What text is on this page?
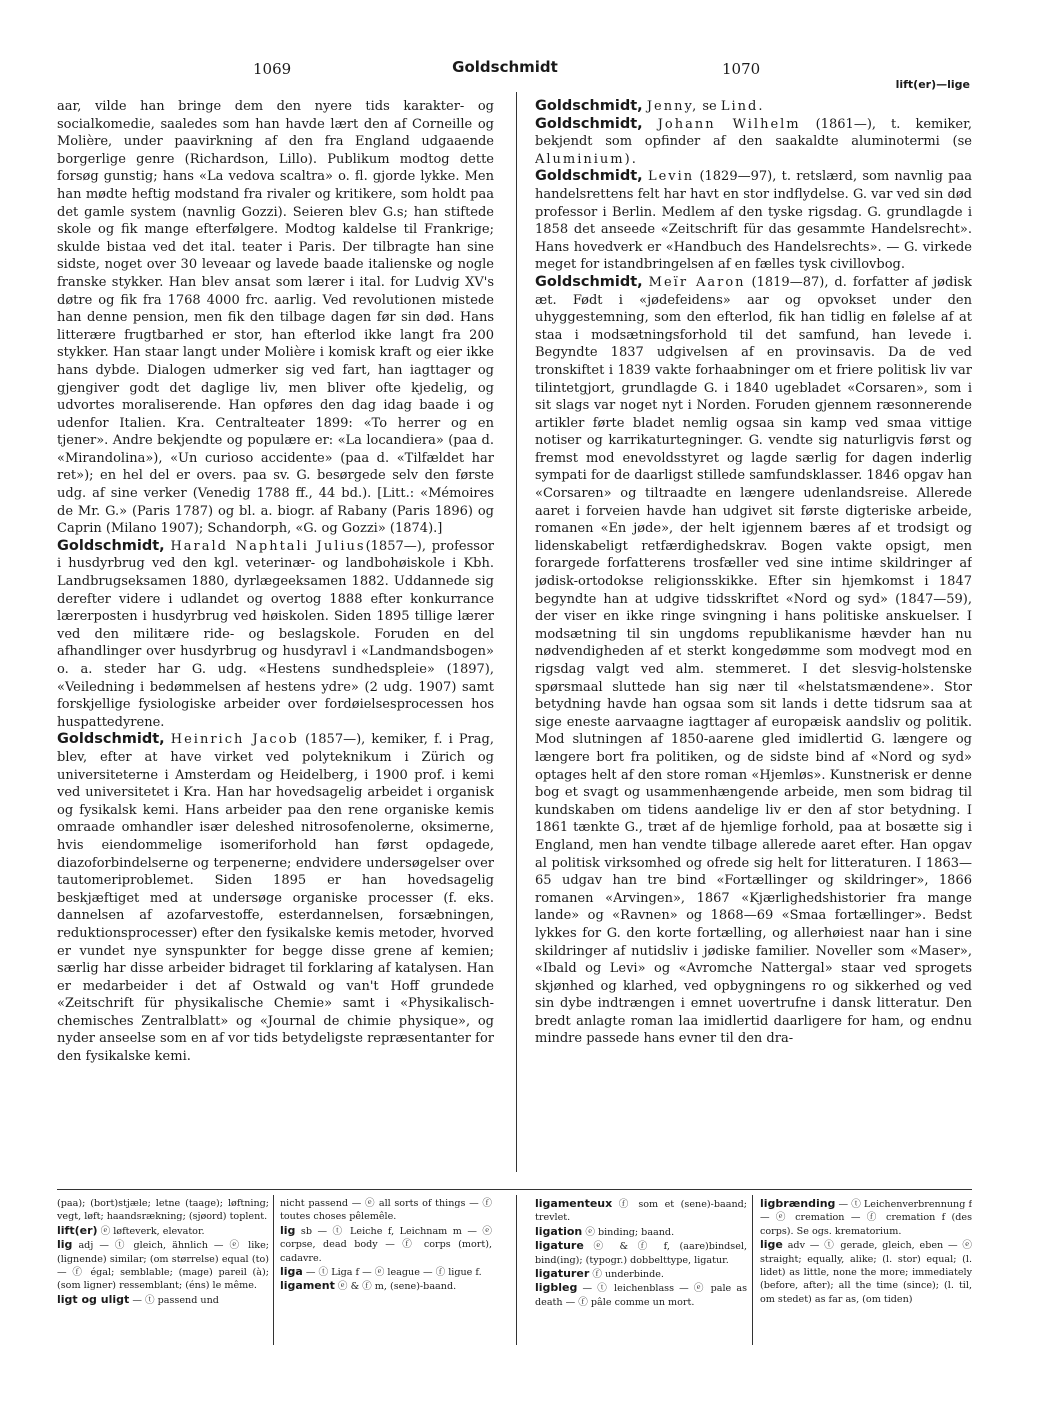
1069	Goldschmidt	1070
lift(er)—lige

aar, vilde han bringe dem den nyere tids karakter- og socialkomedie, saaledes som han havde lært den af Corneille og Molière, under paavirkning af den fra England udgaaende borgerlige genre (Richardson, Lillo). Publikum modtog dette forsøg gunstig; hans «La vedova scaltra» o. fl. gjorde lykke. Men han mødte heftig modstand fra rivaler og kritikere, som holdt paa det gamle system (navnlig Gozzi). Seieren blev G.s; han stiftede skole og fik mange efterfølgere. Modtog kaldelse til Frankrige; skulde bistaa ved det ital. teater i Paris. Der tilbragte han sine sidste, noget over 30 leveaar og lavede baade italienske og nogle franske stykker. Han blev ansat som lærer i ital. for Ludvig XV's døtre og fik fra 1768 4000 frc. aarlig. Ved revolutionen mistede han denne pension, men fik den tilbage dagen før sin død. Hans litterære frugtbarhed er stor, han efterlod ikke langt fra 200 stykker. Han staar langt under Molière i komisk kraft og eier ikke hans dybde. Dialogen udmerker sig ved fart, han iagttager og gjengiver godt det daglige liv, men bliver ofte kjedelig, og udvortes moraliserende. Han opføres den dag idag baade i og udenfor Italien. Kra. Centralteater 1899: «To herrer og en tjener». Andre bekjendte og populære er: «La locandiera» (paa d. «Mirandolina»), «Un curioso accidente» (paa d. «Tilfældet har ret»); en hel del er overs. paa sv. G. besørgede selv den første udg. af sine verker (Venedig 1788 ff., 44 bd.). [Litt.: «Mémoires de Mr. G.» (Paris 1787) og bl. a. biogr. af Rabany (Paris 1896) og Caprin (Milano 1907); Schandorph, «G. og Gozzi» (1874).]

Goldschmidt, Harald Naphtali Julius(1857—), professor i husdyrbrug ved den kgl. veterinær- og landbohøiskole i Kbh. Landbrugseksamen 1880, dyrlægeeksamen 1882. Uddannede sig derefter videre i udlandet og overtog 1888 efter konkurrance lærerposten i husdyrbrug ved høiskolen. Siden 1895 tillige lærer ved den militære ride- og beslagskole. Foruden en del afhandlinger over husdyrbrug og husdyravl i «Landmandsbogen» o. a. steder har G. udg. «Hestens sundhedspleie» (1897), «Veiledning i bedømmelsen af hestens ydre» (2 udg. 1907) samt forskjellige fysiologiske arbeider over fordøielsesprocessen hos huspattedyrene.

Goldschmidt, Heinrich Jacob (1857—), kemiker, f. i Prag, blev, efter at have virket ved polyteknikum i Zürich og universiteterne i Amsterdam og Heidelberg, i 1900 prof. i kemi ved universitetet i Kra. Han har hovedsagelig arbeidet i organisk og fysikalsk kemi. Hans arbeider paa den rene organiske kemis omraade omhandler især deleshed nitrosofenolerne, oksimerne, hvis eiendommelige isomeriforhold han først opdagede, diazoforbindelserne og terpenerne; endvidere undersøgelser over tautomeriproblemet. Siden 1895 er han hovedsagelig beskjæftiget med at undersøge organiske processer (f. eks. dannelsen af azofarvestoffe, esterdannelsen, forsæbningen, reduktionsprocesser) efter den fysikalske kemis metoder, hvorved er vundet nye synspunkter for begge disse grene af kemien; særlig har disse arbeider bidraget til forklaring af katalysen. Han er medarbeider i det af Ostwald og van't Hoff grundede «Zeitschrift für physikalische Chemie» samt i «Physikalisch- chemisches Zentralblatt» og «Journal de chimie physique», og nyder anseelse som en af vor tids betydeligste repræsentanter for den fysikalske kemi.

Goldschmidt, Jenny, se Lind.

Goldschmidt, Johann Wilhelm (1861—), t. kemiker, bekjendt som opfinder af den saakaldte aluminotermi (se Aluminium).

Goldschmidt, Levin (1829—97), t. retslærd, som navnlig paa handelsrettens felt har havt en stor indflydelse. G. var ved sin død professor i Berlin. Medlem af den tyske rigsdag. G. grundlagde i 1858 det anseede «Zeitschrift für das gesammte Handelsrecht». Hans hovedverk er «Handbuch des Handelsrechts». — G. virkede meget for istandbringelsen af en fælles tysk civillovbog.

Goldschmidt, Meïr Aaron (1819—87), d. forfatter af jødisk æt. Født i «jødefeidens» aar og opvokset under den uhyggestemning, som den efterlod, fik han tidlig en følelse af at staa i modsætningsforhold til det samfund, han levede i. Begyndte 1837 udgivelsen af en provinsavis. Da de ved tronskiftet i 1839 vakte forhaabninger om et friere politisk liv var tilintetgjort, grundlagde G. i 1840 ugebladet «Corsaren», som i sit slags var noget nyt i Norden. Foruden gjennem ræsonnerende artikler førte bladet nemlig ogsaa sin kamp ved smaa vittige notiser og karrikaturtegninger. G. vendte sig naturligvis først og fremst mod enevoldsstyret og lagde særlig for dagen inderlig sympati for de daarligst stillede samfundsklasser. 1846 opgav han «Corsaren» og tiltraadte en længere udenlandsreise. Allerede aaret i forveien havde han udgivet sit første digteriske arbeide, romanen «En jøde», der helt igjennem bæres af et trodsigt og lidenskabeligt retfærdighedskrav. Bogen vakte opsigt, men forargede forfatterens trosfæller ved sine intime skildringer af jødisk-ortodokse religionsskikke. Efter sin hjemkomst i 1847 begyndte han at udgive tidsskriftet «Nord og syd» (1847—59), der viser en ikke ringe svingning i hans politiske anskuelser. I modsætning til sin ungdoms republikanisme hævder han nu nødvendigheden af et sterkt kongedømme som modvegt mod en rigsdag valgt ved alm. stemmeret. I det slesvig-holstenske spørsmaal sluttede han sig nær til «helstatsmændene». Stor betydning havde han ogsaa som sit lands i dette tidsrum saa at sige eneste aarvaagne iagttager af europæisk aandsliv og politik. Mod slutningen af 1850-aarene gled imidlertid G. længere og længere bort fra politiken, og de sidste bind af «Nord og syd» optages helt af den store roman «Hjemløs». Kunstnerisk er denne bog et svagt og usammenhængende arbeide, men som bidrag til kundskaben om tidens aandelige liv er den af stor betydning. I 1861 tænkte G., træt af de hjemlige forhold, paa at bosætte sig i England, men han vendte tilbage allerede aaret efter. Han opgav al politisk virksomhed og ofrede sig helt for litteraturen. I 1863—65 udgav han tre bind «Fortællinger og skildringer», 1866 romanen «Arvingen», 1867 «Kjærlighedshistorier fra mange lande» og «Ravnen» og 1868—69 «Smaa fortællinger». Bedst lykkes for G. den korte fortælling, og allerhøiest naar han i sine skildringer af nutidsliv i jødiske familier. Noveller som «Maser», «Ibald og Levi» og «Avromche Nattergal» staar ved sprogets skjønhed og klarhed, ved opbygningens ro og sikkerhed og ved sin dybe indtrængen i emnet uovertrufne i dansk litteratur. Den bredt anlagte roman laa imidlertid daarligere for ham, og endnu mindre passede hans evner til den dra-

(paa); (bort)stjæle; letne (taage); løftning; vegt, løft; haandsrækning; (sjøord) toplent.

lift(er) ⓔ løfteverk, elevator.

lig adj — ⓣ gleich, ähnlich — ⓔ like; (lignende) similar; (om størrelse) equal (to) — ⓕ égal; semblable; (mage) pareil (à); (som ligner) ressemblant; (éns) le même.

ligt og uligt — ⓣ passend und

nicht passend — ⓔ all sorts of things — ⓕ toutes choses pêlemêle.

lig sb — ⓣ Leiche f, Leichnam m — ⓔ corpse, dead body — ⓕ corps (mort), cadavre.

liga — ⓣ Liga f — ⓔ league — ⓕ ligue f.

ligament ⓔ & ⓕ m, (sene)-baand.

ligamenteux ⓕ som et (sene)-baand; trevlet.

ligation ⓔ binding; baand.

ligature ⓔ & ⓕ f, (aare)bindsel, bind(ing); (typogr.) dobbelttype, ligatur.

ligaturer ⓕ underbinde.

ligbleg — ⓣ leichenblass — ⓔ pale as death — ⓕ pâle comme un mort.

ligbrænding — ⓣ Leichenverbrennung f — ⓔ cremation — ⓕ cremation f (des corps). Se ogs. krematorium.

lige adv — ⓣ gerade, gleich, eben — ⓔ straight; equally, alike; (l. stor) equal; (l. lidet) as little, none the more; immediately (before, after); all the time (since); (l. til, om stedet) as far as, (om tiden)
